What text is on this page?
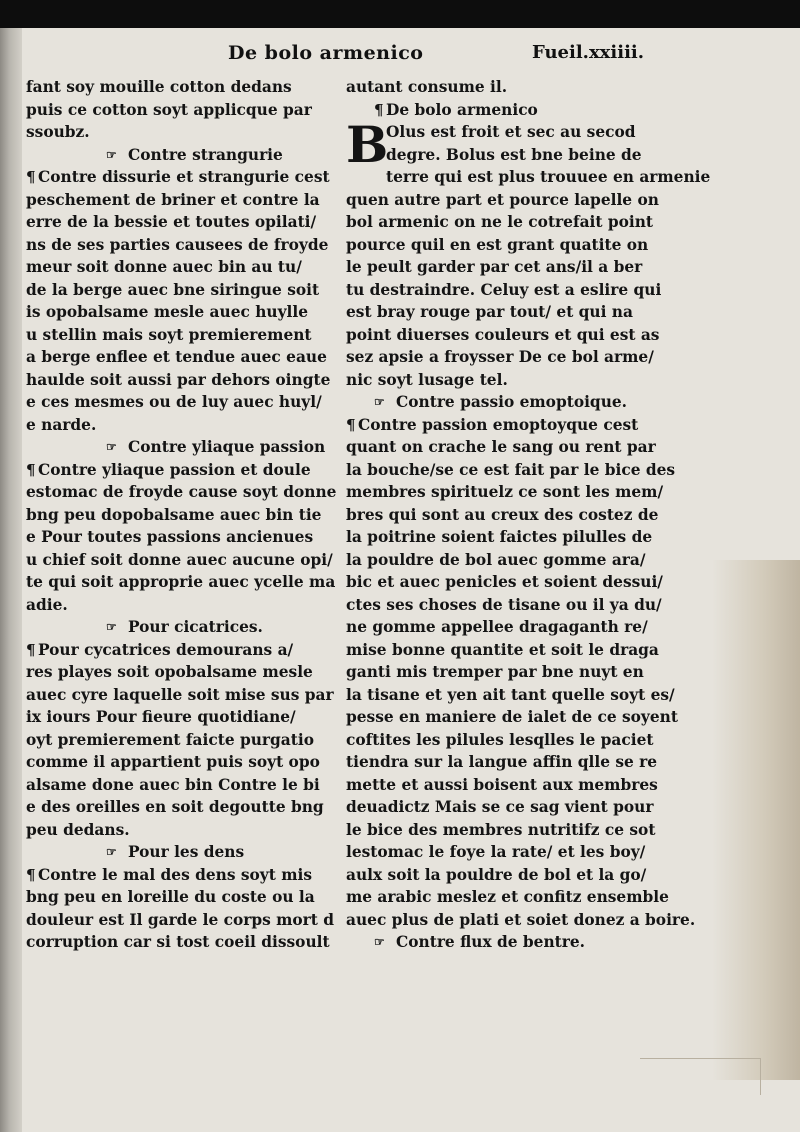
De bolo armenico	Fueil.xxiiii.
fant soy mouille cotton dedans
puis ce cotton soyt applicque par
ssoubz.
☞ Contre strangurie
¶ Contre dissurie et strangurie cest
peschement de briner et contre la
erre de la bessie et toutes opilati/
ns de ses parties causees de froyde
meur soit donne auec bin au tu/
de la berge auec bne siringue soit
is opobalsame mesle auec huylle
u stellin mais soyt premierement
a berge enflee et tendue auec eaue
haulde soit aussi par dehors oingte
e ces mesmes ou de luy auec huyl/
e narde.
☞ Contre yliaque passion
¶ Contre yliaque passion et doule
estomac de froyde cause soyt donne
bng peu dopobalsame auec bin tie
e Pour toutes passions ancienues
u chief soit donne auec aucune opi/
te qui soit approprie auec ycelle ma
adie.
☞ Pour cicatrices.
¶ Pour cycatrices demourans a/
res playes soit opobalsame mesle
auec cyre laquelle soit mise sus par
ix iours Pour fieure quotidiane/
oyt premierement faicte purgatio
comme il appartient puis soyt opo
alsame done auec bin Contre le bi
e des oreilles en soit degoutte bng
peu dedans.
☞ Pour les dens
¶ Contre le mal des dens soyt mis
bng peu en loreille du coste ou la
douleur est Il garde le corps mort d
corruption car si tost coeil dissoult
autant consume il.
¶ De bolo armenico
B
Olus est froit et sec au secod
degre. Bolus est bne beine de
terre qui est plus trouuee en armenie
quen autre part et pource lapelle on
bol armenic on ne le cotrefait point
pource quil en est grant quatite on
le peult garder par cet ans/il a ber
tu destraindre. Celuy est a eslire qui
est bray rouge par tout/ et qui na
point diuerses couleurs et qui est as
sez apsie a froysser De ce bol arme/
nic soyt lusage tel.
☞ Contre passio emoptoique.
¶ Contre passion emoptoyque cest
quant on crache le sang ou rent par
la bouche/se ce est fait par le bice des
membres spirituelz ce sont les mem/
bres qui sont au creux des costez de
la poitrine soient faictes pilulles de
la pouldre de bol auec gomme ara/
bic et auec penicles et soient dessui/
ctes ses choses de tisane ou il ya du/
ne gomme appellee dragaganth re/
mise bonne quantite et soit le draga
ganti mis tremper par bne nuyt en
la tisane et yen ait tant quelle soyt es/
pesse en maniere de ialet de ce soyent
coftites les pilules lesqlles le paciet
tiendra sur la langue affin qlle se re
mette et aussi boisent aux membres
deuadictz Mais se ce sag vient pour
le bice des membres nutritifz ce sot
lestomac le foye la rate/ et les boy/
aulx soit la pouldre de bol et la go/
me arabic meslez et confitz ensemble
auec plus de plati et soiet donez a boire.
☞ Contre flux de bentre.
